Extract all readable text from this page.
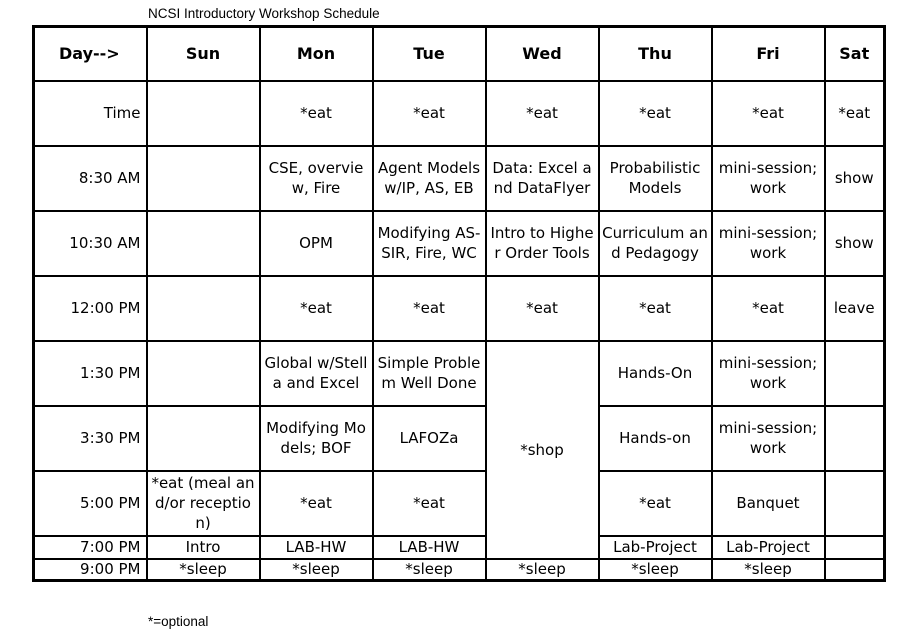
NCSI Introductory Workshop Schedule
Day-->	Sun	Mon	Tue	Wed	Thu	Fri	Sat
Time		*eat	*eat	*eat	*eat	*eat	*eat
8:30 AM		CSE, overview, Fire	Agent Models w/IP, AS, EB	Data: Excel and DataFlyer	Probabilistic Models	mini-session;work	show
10:30 AM		OPM	Modifying AS-SIR, Fire, WC	Intro to Higher Order Tools	Curriculum and Pedagogy	mini-session;work	show
12:00 PM		*eat	*eat	*eat	*eat	*eat	leave
1:30 PM		Global w/Stella and Excel	Simple Problem Well Done	*shop	Hands-On	mini-session;work	
3:30 PM		Modifying Models; BOF	LAFOZa		Hands-on	mini-session;work	
5:00 PM	*eat (meal and/or reception)	*eat	*eat		*eat	Banquet	
7:00 PM	Intro	LAB-HW	LAB-HW		Lab-Project	Lab-Project	
9:00 PM	*sleep	*sleep	*sleep	*sleep	*sleep	*sleep	
*=optional
